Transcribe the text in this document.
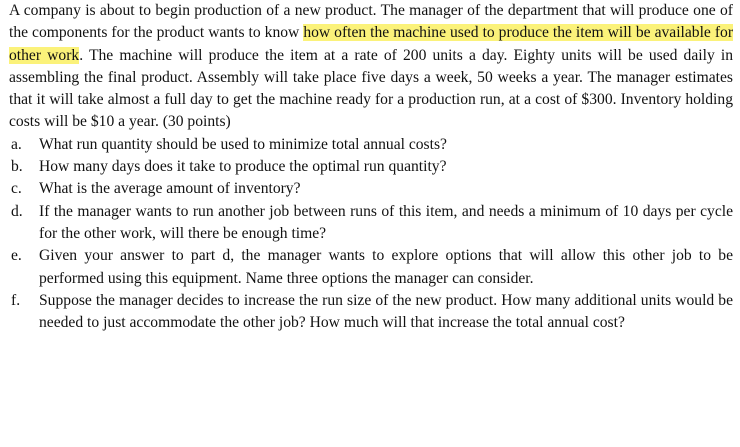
A company is about to begin production of a new product. The manager of the department that will produce one of the components for the product wants to know how often the machine used to produce the item will be available for other work. The machine will produce the item at a rate of 200 units a day. Eighty units will be used daily in assembling the final product. Assembly will take place five days a week, 50 weeks a year. The manager estimates that it will take almost a full day to get the machine ready for a production run, at a cost of $300. Inventory holding costs will be $10 a year. (30 points)

a.	What run quantity should be used to minimize total annual costs?
b.	How many days does it take to produce the optimal run quantity?
c.	What is the average amount of inventory?
d.	If the manager wants to run another job between runs of this item, and needs a minimum of 10 days per cycle for the other work, will there be enough time?
e.	Given your answer to part d, the manager wants to explore options that will allow this other job to be performed using this equipment. Name three options the manager can consider.
f.	Suppose the manager decides to increase the run size of the new product. How many additional units would be needed to just accommodate the other job? How much will that increase the total annual cost?
